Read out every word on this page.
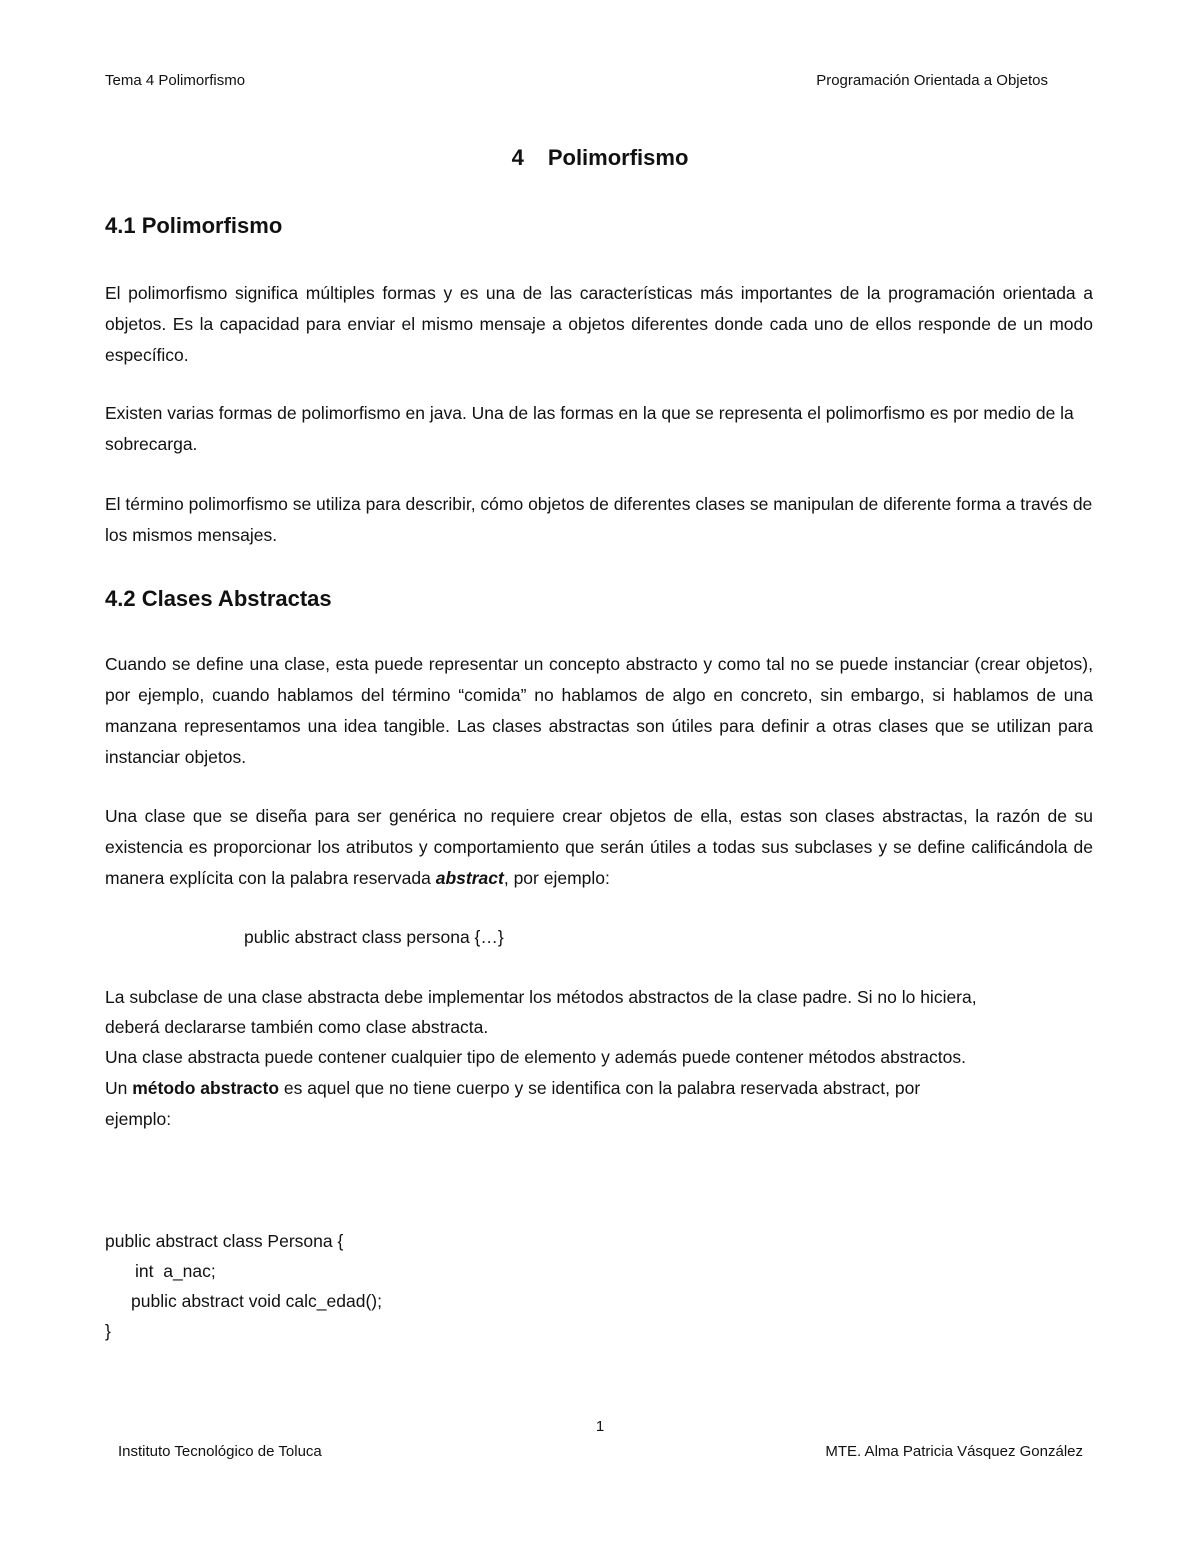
Tema 4 Polimorfismo	Programación Orientada a Objetos
4 Polimorfismo
4.1 Polimorfismo

El polimorfismo significa múltiples formas y es una de las características más importantes de la programación orientada a objetos. Es la capacidad para enviar el mismo mensaje a objetos diferentes donde cada uno de ellos responde de un modo específico.

Existen varias formas de polimorfismo en java. Una de las formas en la que se representa el polimorfismo es por medio de la sobrecarga.

El término polimorfismo se utiliza para describir, cómo objetos de diferentes clases se manipulan de diferente forma a través de los mismos mensajes.

4.2 Clases Abstractas

Cuando se define una clase, esta puede representar un concepto abstracto y como tal no se puede instanciar (crear objetos), por ejemplo, cuando hablamos del término “comida” no hablamos de algo en concreto, sin embargo, si hablamos de una manzana representamos una idea tangible. Las clases abstractas son útiles para definir a otras clases que se utilizan para instanciar objetos.

Una clase que se diseña para ser genérica no requiere crear objetos de ella, estas son clases abstractas, la razón de su existencia es proporcionar los atributos y comportamiento que serán útiles a todas sus subclases y se define calificándola de manera explícita con la palabra reservada abstract, por ejemplo:

public abstract class persona {…}
La subclase de una clase abstracta debe implementar los métodos abstractos de la clase padre. Si no lo hiciera,
deberá declararse también como clase abstracta.
Una clase abstracta puede contener cualquier tipo de elemento y además puede contener métodos abstractos.
Un método abstracto es aquel que no tiene cuerpo y se identifica con la palabra reservada abstract, por
ejemplo:
public abstract class Persona {
int  a_nac;
public abstract void calc_edad();
}
1
Instituto Tecnológico de Toluca	MTE. Alma Patricia Vásquez González
